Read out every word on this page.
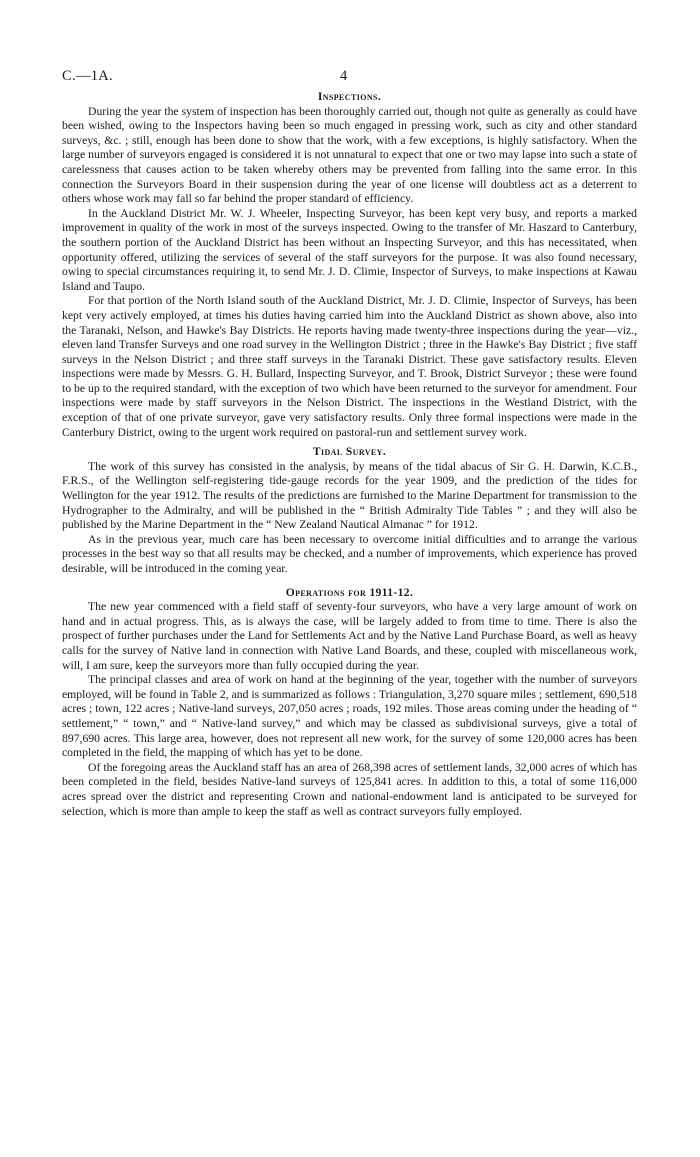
C.—1A.	4
Inspections.

During the year the system of inspection has been thoroughly carried out, though not quite as generally as could have been wished, owing to the Inspectors having been so much engaged in pressing work, such as city and other standard surveys, &c. ; still, enough has been done to show that the work, with a few exceptions, is highly satisfactory. When the large number of surveyors engaged is considered it is not unnatural to expect that one or two may lapse into such a state of carelessness that causes action to be taken whereby others may be prevented from falling into the same error. In this connection the Surveyors Board in their suspension during the year of one license will doubtless act as a deterrent to others whose work may fall so far behind the proper standard of efficiency.

In the Auckland District Mr. W. J. Wheeler, Inspecting Surveyor, has been kept very busy, and reports a marked improvement in quality of the work in most of the surveys inspected. Owing to the transfer of Mr. Haszard to Canterbury, the southern portion of the Auckland District has been without an Inspecting Surveyor, and this has necessitated, when opportunity offered, utilizing the services of several of the staff surveyors for the purpose. It was also found necessary, owing to special circumstances requiring it, to send Mr. J. D. Climie, Inspector of Surveys, to make inspections at Kawau Island and Taupo.

For that portion of the North Island south of the Auckland District, Mr. J. D. Climie, Inspector of Surveys, has been kept very actively employed, at times his duties having carried him into the Auckland District as shown above, also into the Taranaki, Nelson, and Hawke's Bay Districts. He reports having made twenty-three inspections during the year—viz., eleven land Transfer Surveys and one road survey in the Wellington District ; three in the Hawke's Bay District ; five staff surveys in the Nelson District ; and three staff surveys in the Taranaki District. These gave satisfactory results. Eleven inspections were made by Messrs. G. H. Bullard, Inspecting Surveyor, and T. Brook, District Surveyor ; these were found to be up to the required standard, with the exception of two which have been returned to the surveyor for amendment. Four inspections were made by staff surveyors in the Nelson District. The inspections in the Westland District, with the exception of that of one private surveyor, gave very satisfactory results. Only three formal inspections were made in the Canterbury District, owing to the urgent work required on pastoral-run and settlement survey work.

Tidal Survey.

The work of this survey has consisted in the analysis, by means of the tidal abacus of Sir G. H. Darwin, K.C.B., F.R.S., of the Wellington self-registering tide-gauge records for the year 1909, and the prediction of the tides for Wellington for the year 1912. The results of the predictions are furnished to the Marine Department for transmission to the Hydrographer to the Admiralty, and will be published in the “ British Admiralty Tide Tables ” ; and they will also be published by the Marine Department in the “ New Zealand Nautical Almanac ” for 1912.

As in the previous year, much care has been necessary to overcome initial difficulties and to arrange the various processes in the best way so that all results may be checked, and a number of improvements, which experience has proved desirable, will be introduced in the coming year.

Operations for 1911-12.

The new year commenced with a field staff of seventy-four surveyors, who have a very large amount of work on hand and in actual progress. This, as is always the case, will be largely added to from time to time. There is also the prospect of further purchases under the Land for Settlements Act and by the Native Land Purchase Board, as well as heavy calls for the survey of Native land in connection with Native Land Boards, and these, coupled with miscellaneous work, will, I am sure, keep the surveyors more than fully occupied during the year.

The principal classes and area of work on hand at the beginning of the year, together with the number of surveyors employed, will be found in Table 2, and is summarized as follows : Triangulation, 3,270 square miles ; settlement, 690,518 acres ; town, 122 acres ; Native-land surveys, 207,050 acres ; roads, 192 miles. Those areas coming under the heading of “ settlement,” “ town,” and “ Native-land survey,” and which may be classed as subdivisional surveys, give a total of 897,690 acres. This large area, however, does not represent all new work, for the survey of some 120,000 acres has been completed in the field, the mapping of which has yet to be done.

Of the foregoing areas the Auckland staff has an area of 268,398 acres of settlement lands, 32,000 acres of which has been completed in the field, besides Native-land surveys of 125,841 acres. In addition to this, a total of some 116,000 acres spread over the district and representing Crown and national-endowment land is anticipated to be surveyed for selection, which is more than ample to keep the staff as well as contract surveyors fully employed.
